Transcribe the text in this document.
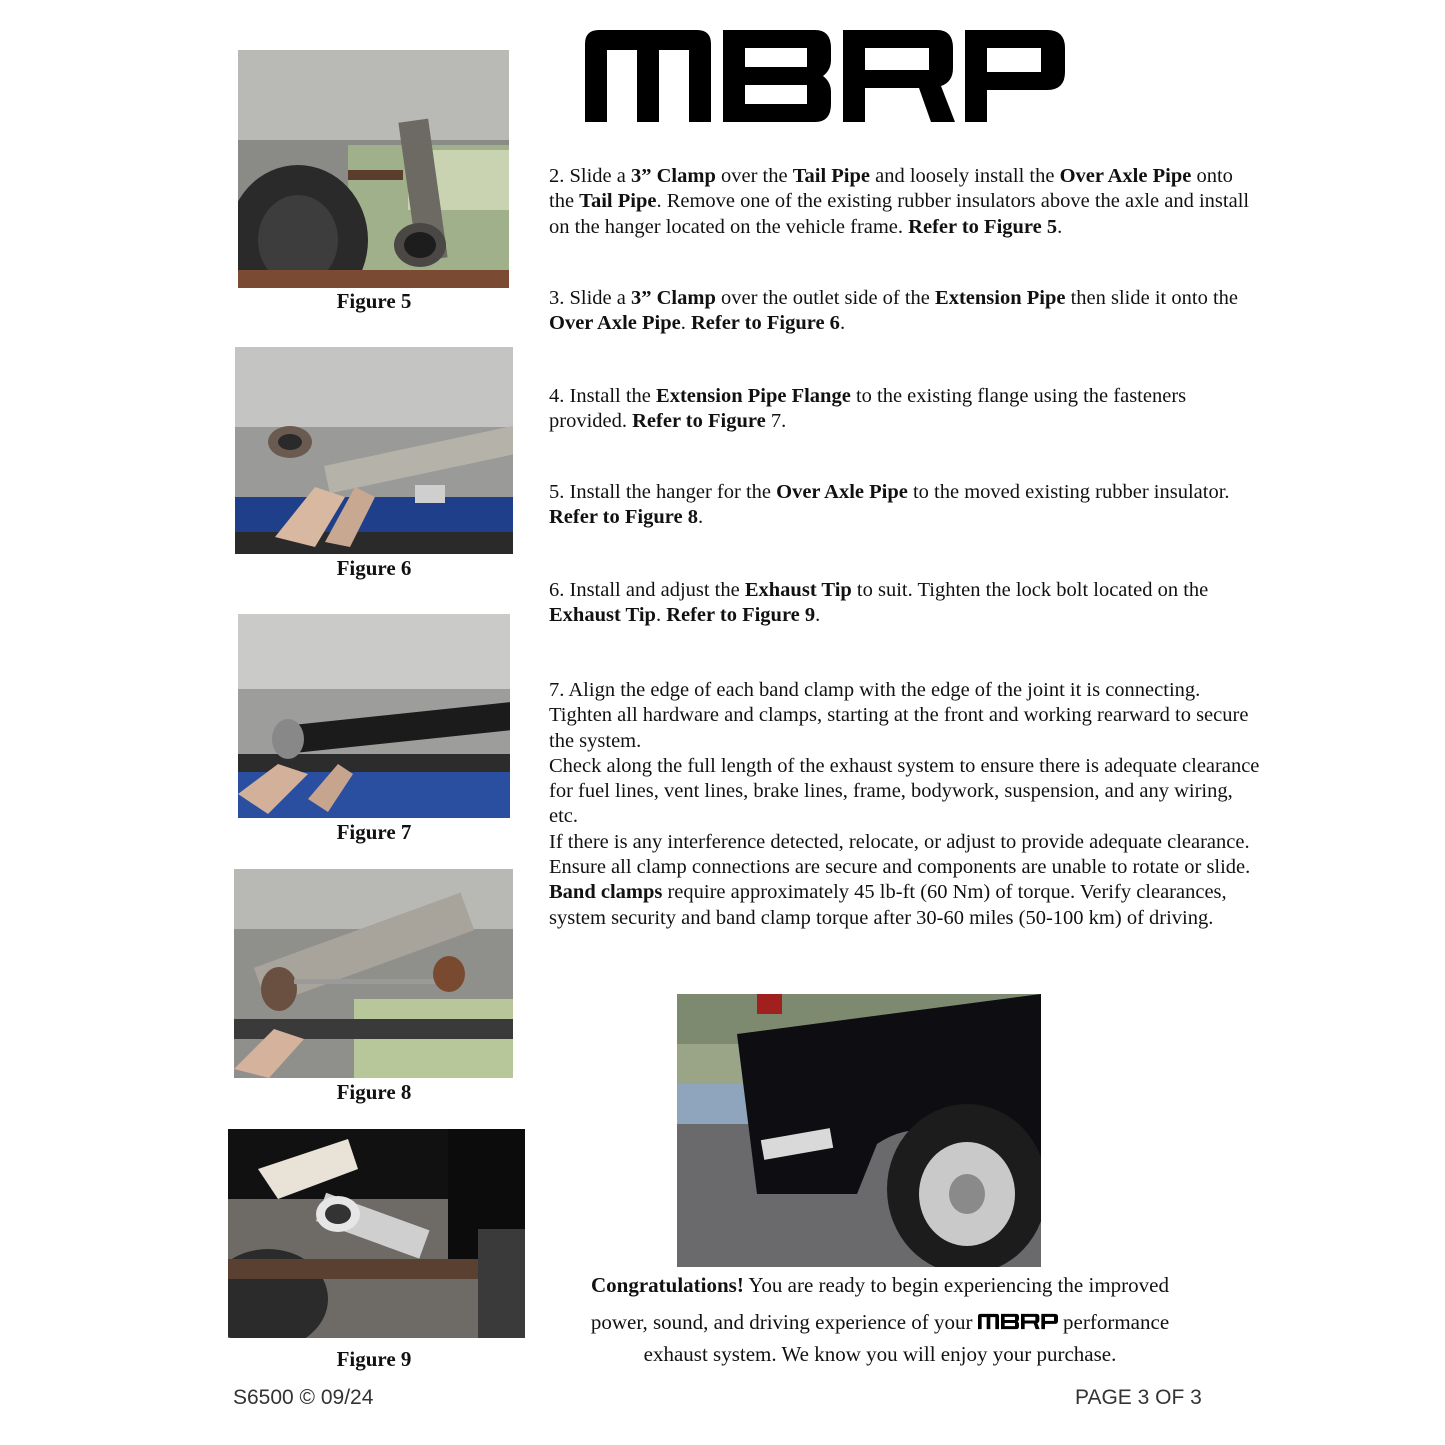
Figure 5
Figure 6
Figure 7
Figure 8
Figure 9
2. Slide a 3” Clamp over the Tail Pipe and loosely install the Over Axle Pipe onto the Tail Pipe. Remove one of the existing rubber insulators above the axle and install on the hanger located on the vehicle frame. Refer to Figure 5.
3. Slide a 3” Clamp over the outlet side of the Extension Pipe then slide it onto the Over Axle Pipe. Refer to Figure 6.
4. Install the Extension Pipe Flange to the existing flange using the fasteners provided. Refer to Figure 7.
5. Install the hanger for the Over Axle Pipe to the moved existing rubber insulator. Refer to Figure 8.
6. Install and adjust the Exhaust Tip to suit. Tighten the lock bolt located on the Exhaust Tip. Refer to Figure 9.
7. Align the edge of each band clamp with the edge of the joint it is connecting. Tighten all hardware and clamps, starting at the front and working rearward to secure the system.
Check along the full length of the exhaust system to ensure there is adequate clearance for fuel lines, vent lines, brake lines, frame, bodywork, suspension, and any wiring, etc.
If there is any interference detected, relocate, or adjust to provide adequate clearance. Ensure all clamp connections are secure and components are unable to rotate or slide.
Band clamps require approximately 45 lb-ft (60 Nm) of torque. Verify clearances, system security and band clamp torque after 30-60 miles (50-100 km) of driving.
Congratulations! You are ready to begin experiencing the improved
power, sound, and driving experience of your	performance
exhaust system. We know you will enjoy your purchase.
S6500 © 09/24	PAGE 3 OF 3
